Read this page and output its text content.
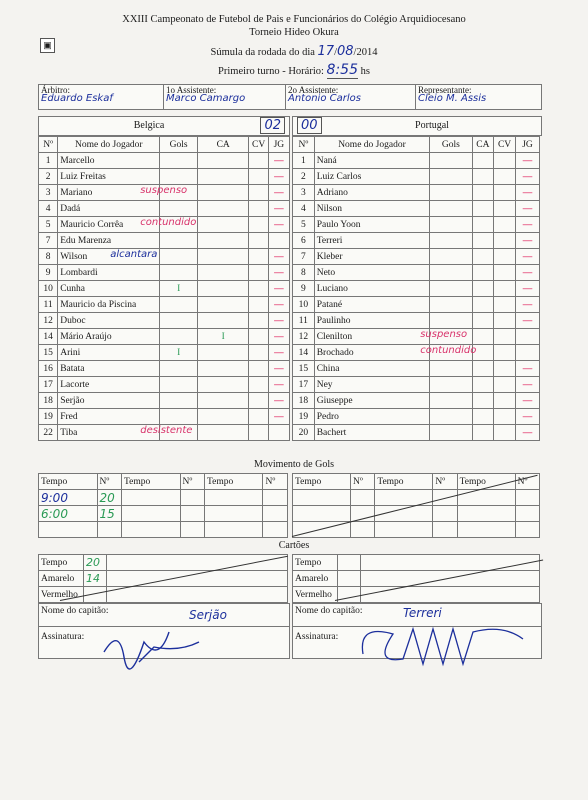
XXIII Campeonato de Futebol de Pais e Funcionários do Colégio Arquidiocesano
Torneio Hideo Okura
▣
Súmula da rodada do dia 17/08/2014
Primeiro turno - Horário: 8:55 hs
Árbitro:
Eduardo Eskaf
1o Assistente:
Marco Camargo
2o Assistente:
Antonio Carlos
Representante:
Cleio M. Assis
Belgica	02	00	Portugal
Nº	Nome do Jogador	Gols	CA	CV	JG
1	Marcello				—
2	Luiz Freitas				—
3	Mariano suspenso				—
4	Dadá				—
5	Mauricio Corrêa contundido				—
7	Edu Marenza				
8	Wilson alcantara				—
9	Lombardi				—
10	Cunha	I			—
11	Mauricio da Piscina				—
12	Duboc				—
14	Mário Araújo		I		—
15	Arini	I			—
16	Batata				—
17	Lacorte				—
18	Serjão				—
19	Fred				—
22	Tiba desistente				

Nº	Nome do Jogador	Gols	CA	CV	JG
1	Naná				—
2	Luiz Carlos				—
3	Adriano				—
4	Nilson				—
5	Paulo Yoon				—
6	Terreri				—
7	Kleber				—
8	Neto				—
9	Luciano				—
10	Patané				—
11	Paulinho				—
12	Clenilton	suspenso			

14	Brochado	contundido			

15	China				—
17	Ney				—
18	Giuseppe				—
19	Pedro				—
20	Bachert				—
Movimento de Gols
Tempo	Nº	Tempo	Nº	Tempo	Nº
9:00	20				
6:00	15				

Tempo	Nº	Tempo	Nº	Tempo	Nº

Cartões
Tempo	20	
Amarelo	14	
Vermelho		
Tempo		
Amarelo		
Vermelho		
Nome do capitão:	Serjão
Assinatura:
Nome do capitão:	Terreri
Assinatura:
